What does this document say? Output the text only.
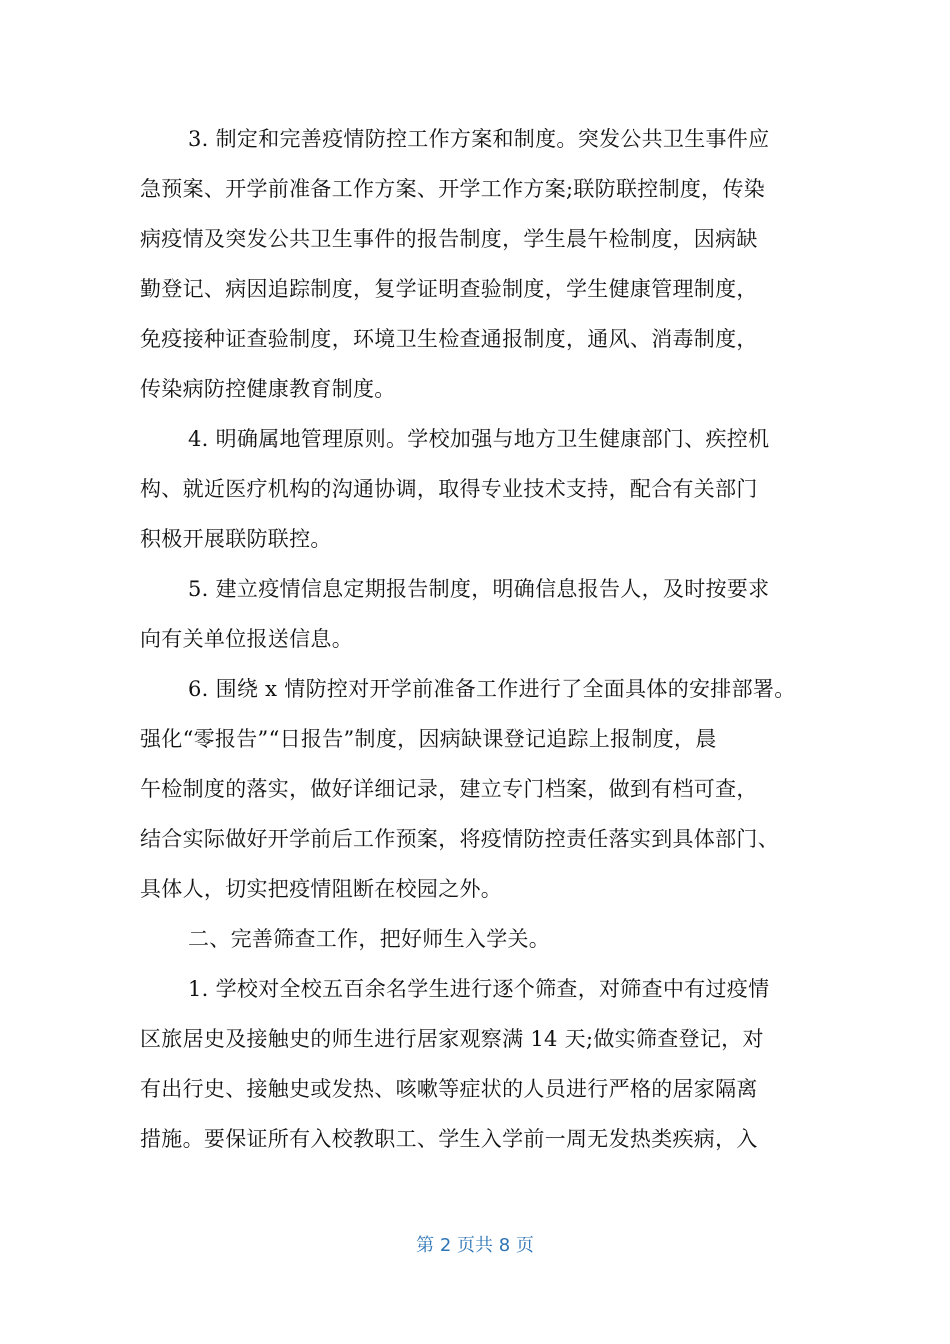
3. 制定和完善疫情防控工作方案和制度。突发公共卫生事件应
急预案、开学前准备工作方案、开学工作方案;联防联控制度，传染
病疫情及突发公共卫生事件的报告制度，学生晨午检制度，因病缺
勤登记、病因追踪制度，复学证明查验制度，学生健康管理制度，
免疫接种证查验制度，环境卫生检查通报制度，通风、消毒制度，
传染病防控健康教育制度。
4. 明确属地管理原则。学校加强与地方卫生健康部门、疾控机
构、就近医疗机构的沟通协调，取得专业技术支持，配合有关部门
积极开展联防联控。
5. 建立疫情信息定期报告制度，明确信息报告人，及时按要求
向有关单位报送信息。
6. 围绕 x 情防控对开学前准备工作进行了全面具体的安排部署。
强化“零报告”“日报告”制度，因病缺课登记追踪上报制度，晨
午检制度的落实，做好详细记录，建立专门档案，做到有档可查，
结合实际做好开学前后工作预案，将疫情防控责任落实到具体部门、
具体人，切实把疫情阻断在校园之外。
二、完善筛查工作，把好师生入学关。
1. 学校对全校五百余名学生进行逐个筛查，对筛查中有过疫情
区旅居史及接触史的师生进行居家观察满 14 天;做实筛查登记，对
有出行史、接触史或发热、咳嗽等症状的人员进行严格的居家隔离
措施。要保证所有入校教职工、学生入学前一周无发热类疾病，入
第 2 页共 8 页
